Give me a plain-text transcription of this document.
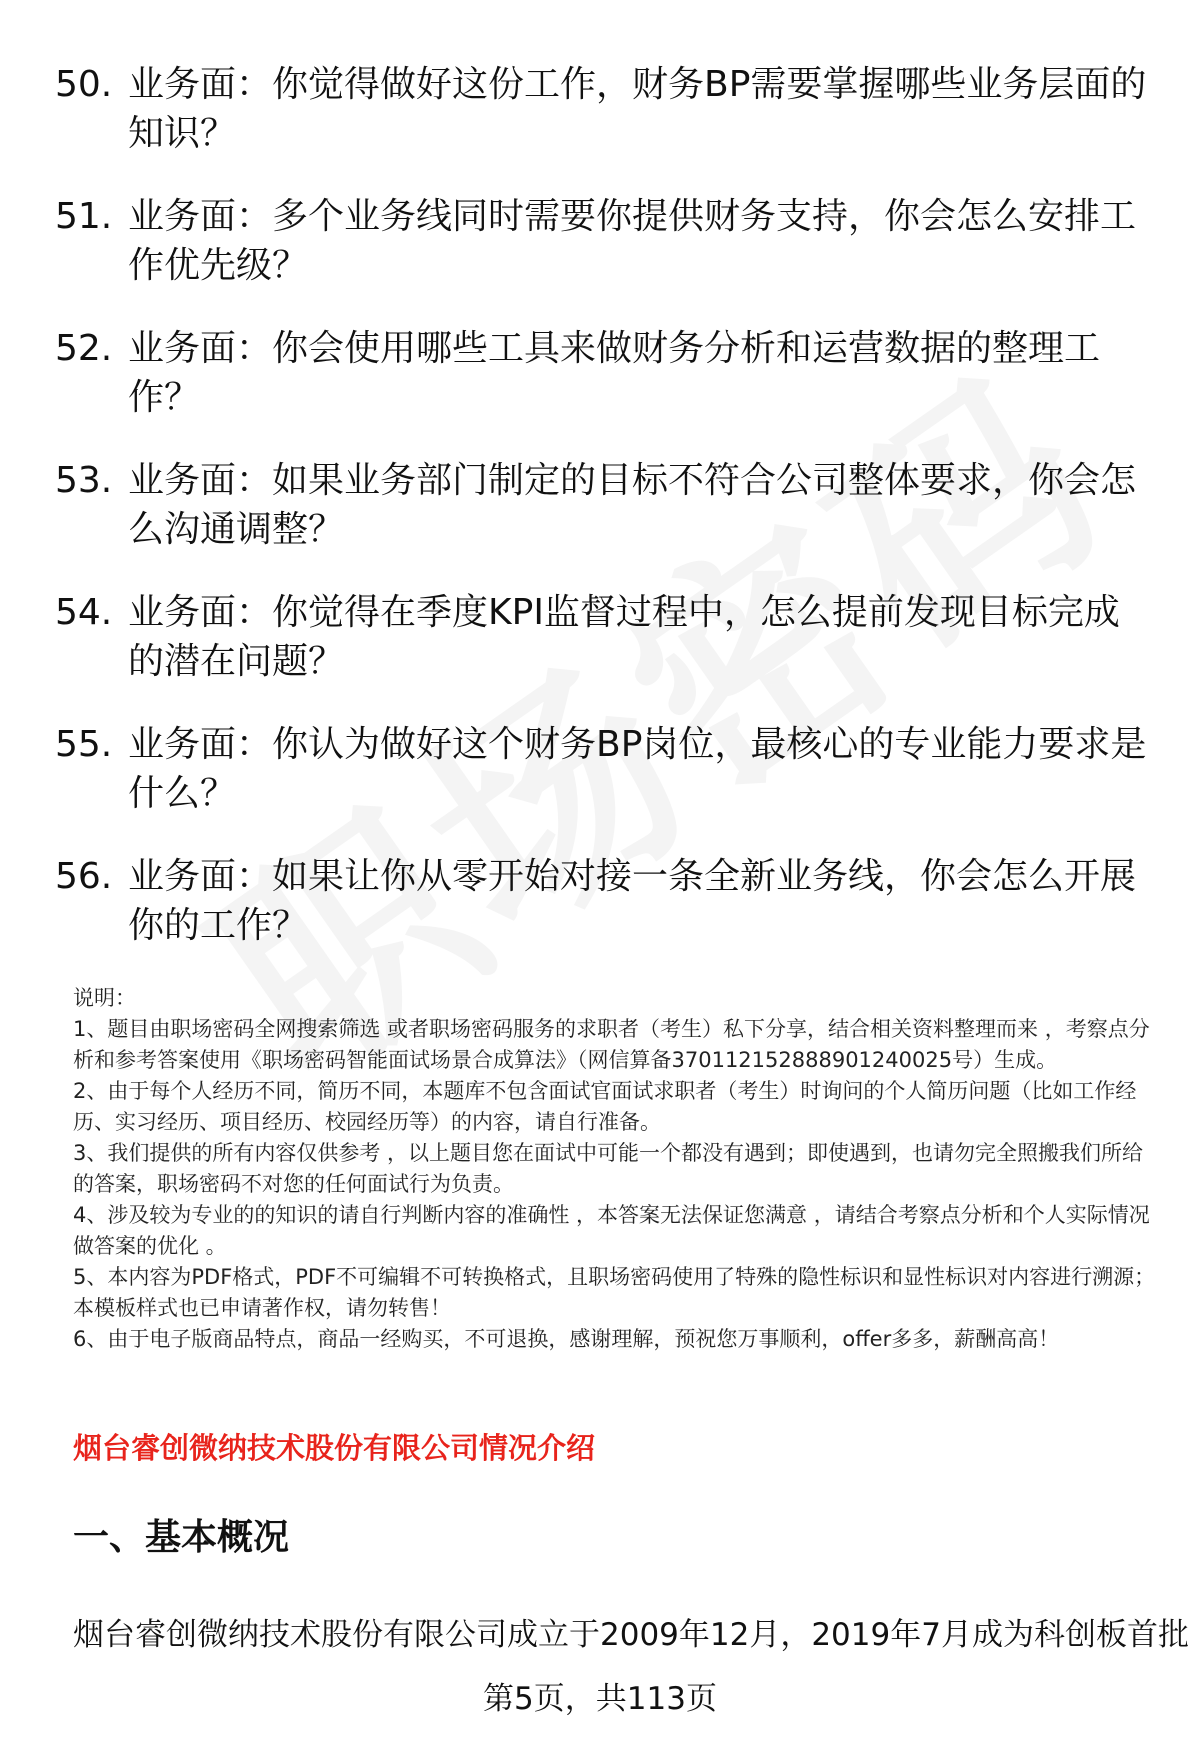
50. 业务面：你觉得做好这份工作，财务BP需要掌握哪些业务层面的知识？
51. 业务面：多个业务线同时需要你提供财务支持，你会怎么安排工作优先级？
52. 业务面：你会使用哪些工具来做财务分析和运营数据的整理工作？
53. 业务面：如果业务部门制定的目标不符合公司整体要求，你会怎么沟通调整？
54. 业务面：你觉得在季度KPI监督过程中，怎么提前发现目标完成的潜在问题？
55. 业务面：你认为做好这个财务BP岗位，最核心的专业能力要求是什么？
56. 业务面：如果让你从零开始对接一条全新业务线，你会怎么开展你的工作？

说明：

1、题目由职场密码全网搜索筛选 或者职场密码服务的求职者（考生）私下分享，结合相关资料整理而来 ，考察点分析和参考答案使用《职场密码智能面试场景合成算法》（网信算备370112152888901240025号）生成。

2、由于每个人经历不同，简历不同，本题库不包含面试官面试求职者（考生）时询问的个人简历问题（比如工作经历、实习经历、项目经历、校园经历等）的内容，请自行准备。

3、我们提供的所有内容仅供参考 ，以上题目您在面试中可能一个都没有遇到；即使遇到，也请勿完全照搬我们所给的答案，职场密码不对您的任何面试行为负责。

4、涉及较为专业的的知识的请自行判断内容的准确性 ，本答案无法保证您满意 ，请结合考察点分析和个人实际情况做答案的优化 。

5、本内容为PDF格式，PDF不可编辑不可转换格式，且职场密码使用了特殊的隐性标识和显性标识对内容进行溯源；本模板样式也已申请著作权，请勿转售！

6、由于电子版商品特点，商品一经购买，不可退换，感谢理解，预祝您万事顺利，offer多多，薪酬高高！

烟台睿创微纳技术股份有限公司情况介绍
一、基本概况
烟台睿创微纳技术股份有限公司成立于2009年12月，2019年7月成为科创板首批
第5页，共113页
